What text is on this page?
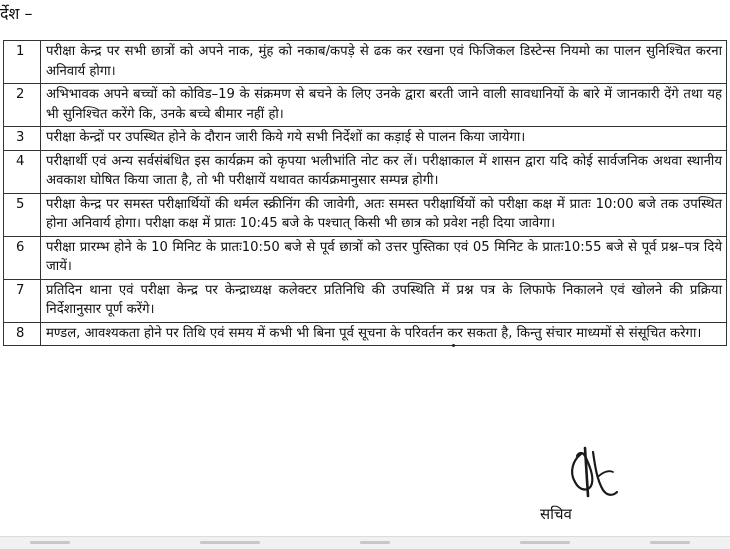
र्देश –
1	परीक्षा केन्द्र पर सभी छात्रों को अपने नाक, मुंह को नकाब/कपड़े से ढक कर रखना एवं फिजिकल डिस्टेन्स नियमो का पालन सुनिश्चित करना अनिवार्य होगा।
2	अभिभावक अपने बच्चों को कोविड–19 के संक्रमण से बचने के लिए उनके द्वारा बरती जाने वाली सावधानियों के बारे में जानकारी देंगे तथा यह भी सुनिश्चित करेंगे कि, उनके बच्चे बीमार नहीं हो।
3	परीक्षा केन्द्रों पर उपस्थित होने के दौरान जारी किये गये सभी निर्देशों का कड़ाई से पालन किया जायेगा।
4	परीक्षार्थी एवं अन्य सर्वसंबंधित इस कार्यक्रम को कृपया भलीभांति नोट कर लें। परीक्षाकाल में शासन द्वारा यदि कोई सार्वजनिक अथवा स्थानीय अवकाश घोषित किया जाता है, तो भी परीक्षायें यथावत कार्यक्रमानुसार सम्पन्न होगी।
5	परीक्षा केन्द्र पर समस्त परीक्षार्थियों की थर्मल स्क्रीनिंग की जावेगी, अतः समस्त परीक्षार्थियों को परीक्षा कक्ष में प्रातः 10:00 बजे तक उपस्थित होना अनिवार्य होगा। परीक्षा कक्ष में प्रातः 10:45 बजे के पश्चात् किसी भी छात्र को प्रवेश नही दिया जावेगा।
6	परीक्षा प्रारम्भ होने के 10 मिनिट के प्रातः10:50 बजे से पूर्व छात्रों को उत्तर पुस्तिका एवं 05 मिनिट के प्रातः10:55 बजे से पूर्व प्रश्न–पत्र दिये जायें।
7	प्रतिदिन थाना एवं परीक्षा केन्द्र पर केन्द्राध्यक्ष कलेक्टर प्रतिनिधि की उपस्थिति में प्रश्न पत्र के लिफाफे निकालने एवं खोलने की प्रक्रिया निर्देशानुसार पूर्ण करेंगे।
8	मण्डल, आवश्यकता होने पर तिथि एवं समय में कभी भी बिना पूर्व सूचना के परिवर्तन कर सकता है, किन्तु संचार माध्यमों से संसूचित करेगा।
सचिव
